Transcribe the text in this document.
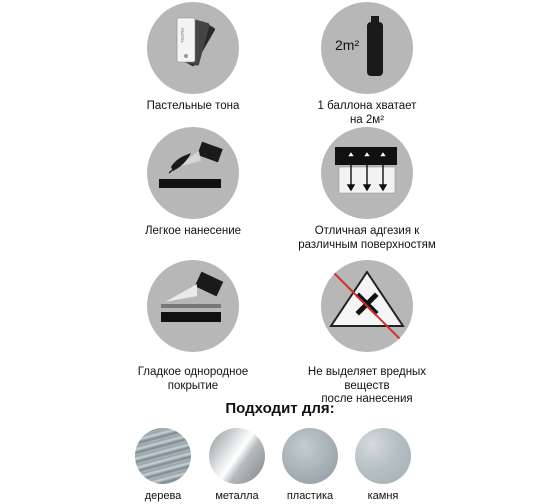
PASTEL
Пастельные тона
2m²
1 баллона хватает
на 2м²
Легкое нанесение	Отличная адгезия к
различным поверхностям
Гладкое однородное
покрытие
Не выделяет вредных
веществ
после нанесения
Подходит для:
дерева	металла	пластика	камня
